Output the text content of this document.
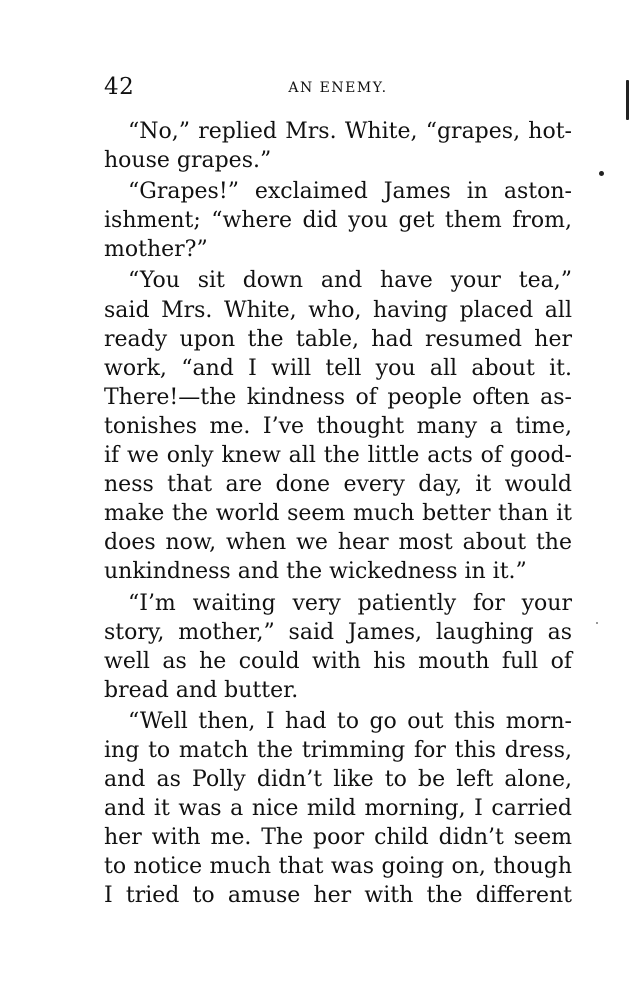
42	AN ENEMY.
“No,” replied Mrs. White, “grapes, hot-
house grapes.”
“Grapes!” exclaimed James in aston-
ishment; “where did you get them from,
mother?”
“You sit down and have your tea,”
said Mrs. White, who, having placed all
ready upon the table, had resumed her
work, “and I will tell you all about it.
There!—the kindness of people often as-
tonishes me. I’ve thought many a time,
if we only knew all the little acts of good-
ness that are done every day, it would
make the world seem much better than it
does now, when we hear most about the
unkindness and the wickedness in it.”
“I’m waiting very patiently for your
story, mother,” said James, laughing as
well as he could with his mouth full of
bread and butter.
“Well then, I had to go out this morn-
ing to match the trimming for this dress,
and as Polly didn’t like to be left alone,
and it was a nice mild morning, I carried
her with me. The poor child didn’t seem
to notice much that was going on, though
I tried to amuse her with the different
